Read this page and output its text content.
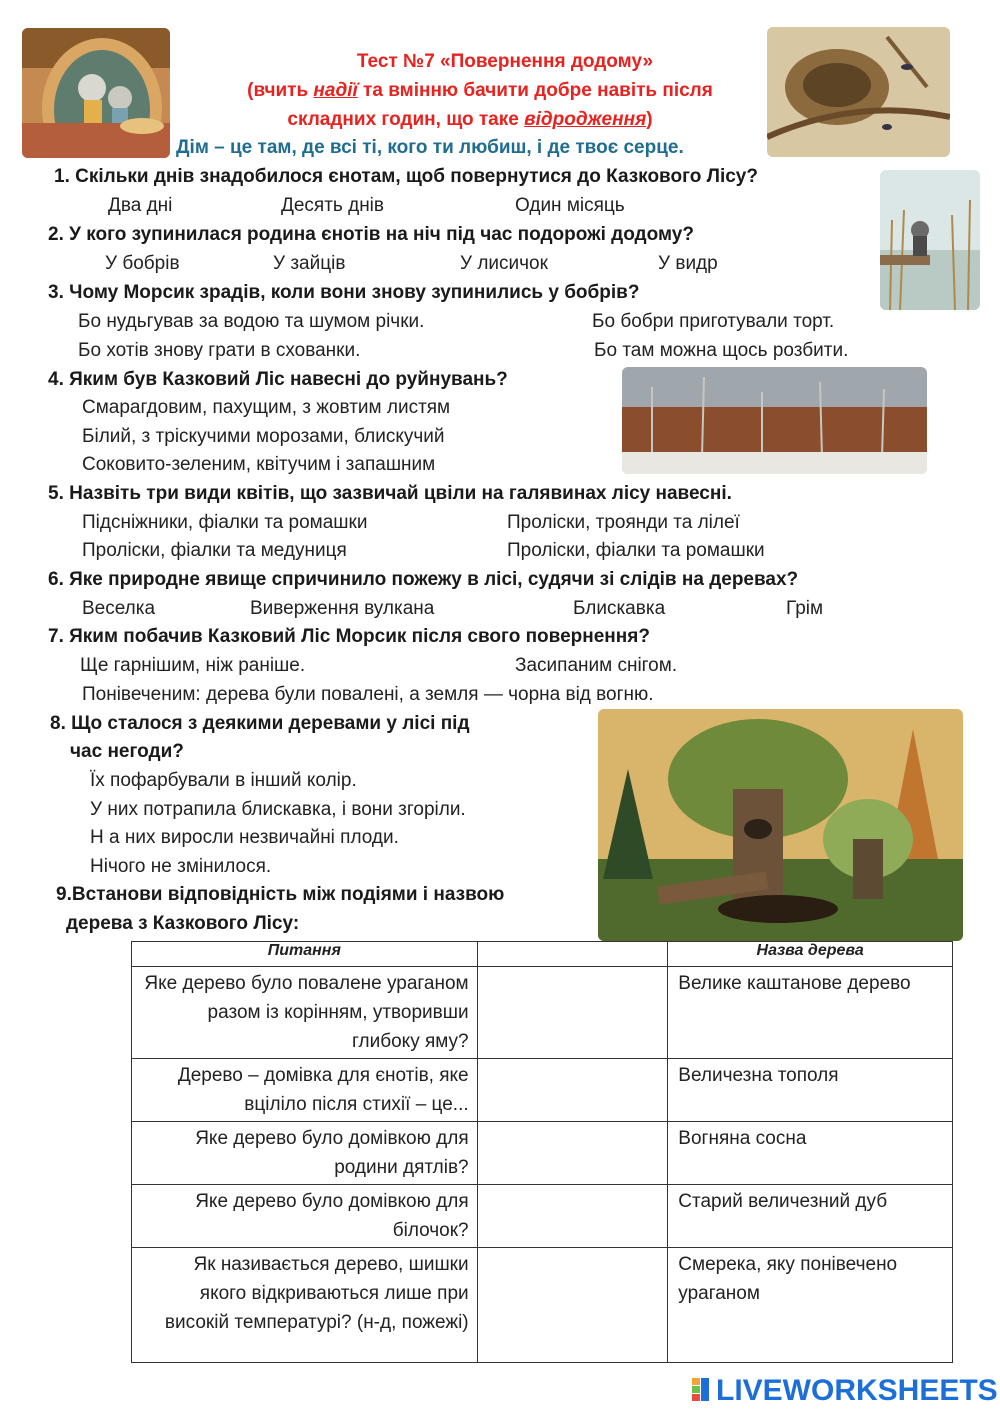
Тест №7 «Повернення додому»
(вчить надії та вмінню бачити добре навіть після
складних годин, що таке відродження)
Дім – це там, де всі ті, кого ти любиш, і де твоє серце.
1. Скільки днів знадобилося єнотам, щоб повернутися до Казкового Лісу?
Два дні	Десять днів	Один місяць
2. У кого зупинилася родина єнотів на ніч під час подорожі додому?
У бобрів	У зайців	У лисичок	У видр
3. Чому Морсик зрадів, коли вони знову зупинились у бобрів?
Бо нудьгував за водою та шумом річки.	Бо бобри приготували торт.
Бо хотів знову грати в схованки.	Бо там можна щось розбити.
4. Яким був Казковий Ліс навесні до руйнувань?
Смарагдовим, пахущим, з жовтим листям
Білий, з тріскучими морозами, блискучий
Соковито-зеленим, квітучим і запашним
5. Назвіть три види квітів, що зазвичай цвіли на галявинах лісу навесні.
Підсніжники, фіалки та ромашки	Проліски, троянди та лілеї
Проліски, фіалки та медуниця	Проліски, фіалки та ромашки
6. Яке природне явище спричинило пожежу в лісі, судячи зі слідів на деревах?
Веселка	Виверження вулкана	Блискавка	Грім
7. Яким побачив Казковий Ліс Морсик після свого повернення?
Ще гарнішим, ніж раніше.	Засипаним снігом.
Понівеченим: дерева були повалені, а земля — чорна від вогню.
8. Що сталося з деякими деревами у лісі під
час негоди?
Їх пофарбували в інший колір.
У них потрапила блискавка, і вони згоріли.
Н а них виросли незвичайні плоди.
Нічого не змінилося.
9.Встанови відповідність між подіями і назвою
дерева з Казкового Лісу:
Питання		Назва дерева
Яке дерево було повалене ураганом разом із корінням, утворивши глибоку яму?		Велике каштанове дерево
Дерево – домівка для єнотів, яке вціліло після стихії – це...		Величезна тополя
Яке дерево було домівкою для родини дятлів?		Вогняна сосна
Яке дерево було домівкою для білочок?		Старий величезний дуб
Як називається дерево, шишки якого відкриваються лише при високій температурі? (н-д, пожежі)		Смерека, яку понівечено ураганом
LIVEWORKSHEETS
